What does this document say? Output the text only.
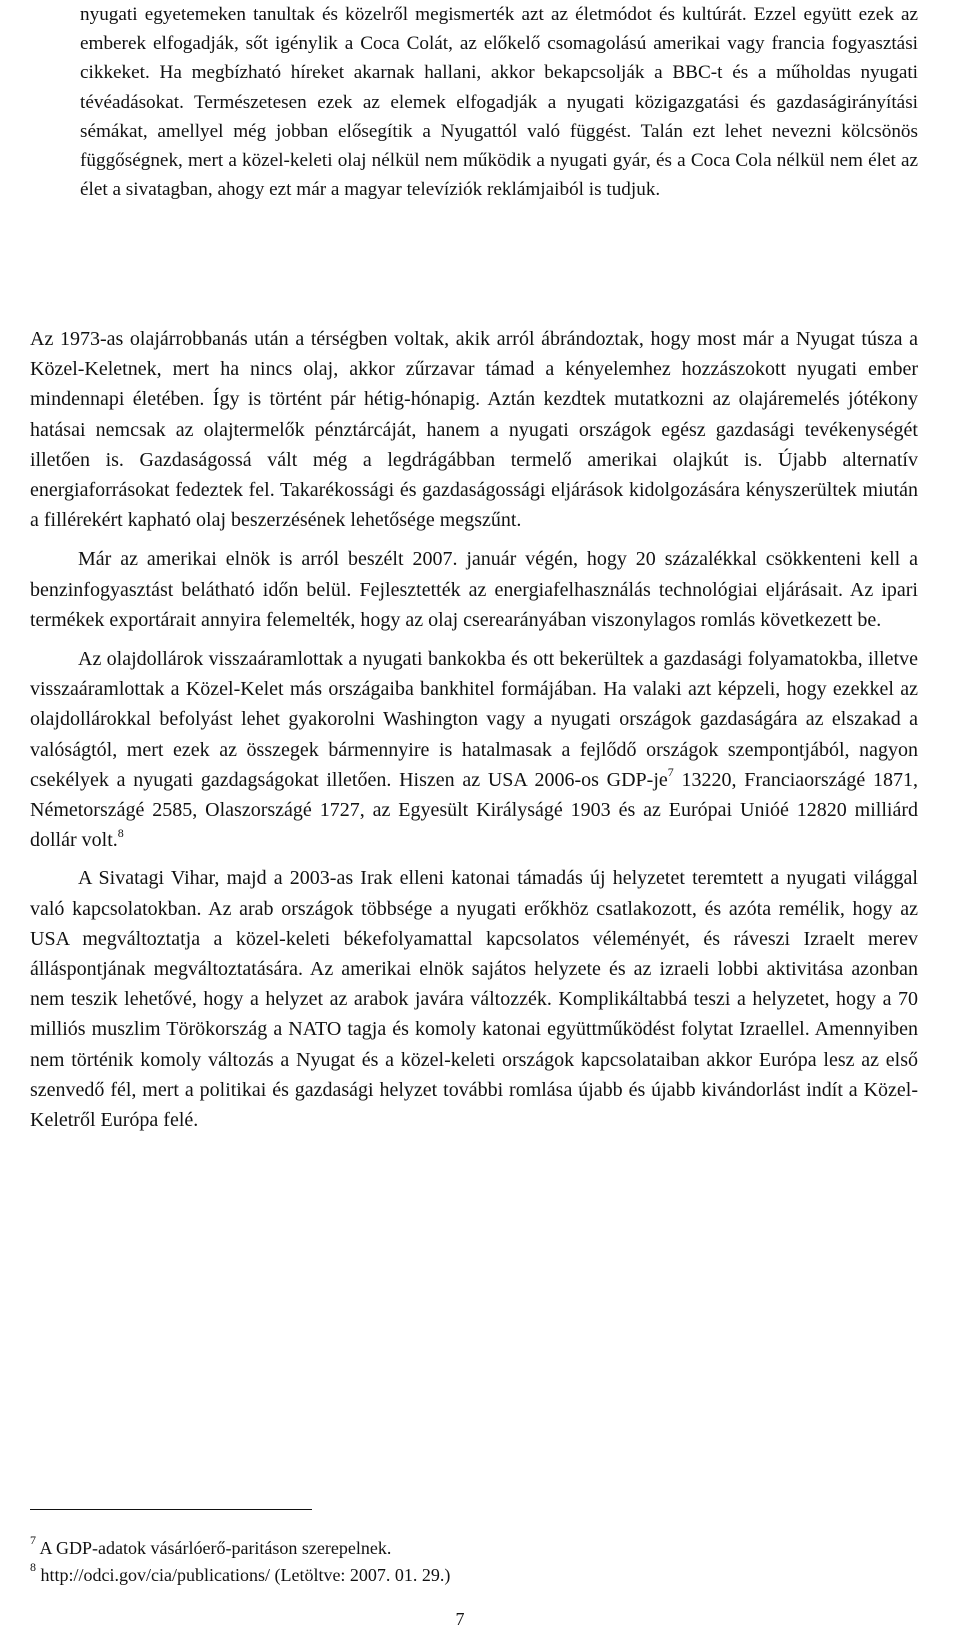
nyugati egyetemeken tanultak és közelről megismerték azt az életmódot és kultúrát. Ezzel együtt ezek az emberek elfogadják, sőt igénylik a Coca Colát, az előkelő csomagolású amerikai vagy francia fogyasztási cikkeket. Ha megbízható híreket akarnak hallani, akkor bekapcsolják a BBC-t és a műholdas nyugati tévéadásokat. Természetesen ezek az elemek elfogadják a nyugati közigazgatási és gazdaságirányítási sémákat, amellyel még jobban elősegítik a Nyugattól való függést. Talán ezt lehet nevezni kölcsönös függőségnek, mert a közel-keleti olaj nélkül nem működik a nyugati gyár, és a Coca Cola nélkül nem élet az élet a sivatagban, ahogy ezt már a magyar televíziók reklámjaiból is tudjuk.

Az 1973-as olajárrobbanás után a térségben voltak, akik arról ábrándoztak, hogy most már a Nyugat túsza a Közel-Keletnek, mert ha nincs olaj, akkor zűrzavar támad a kényelemhez hozzászokott nyugati ember mindennapi életében. Így is történt pár hétig-hónapig. Aztán kezdtek mutatkozni az olajáremelés jótékony hatásai nemcsak az olajtermelők pénztárcáját, hanem a nyugati országok egész gazdasági tevékenységét illetően is. Gazdaságossá vált még a legdrágábban termelő amerikai olajkút is. Újabb alternatív energiaforrásokat fedeztek fel. Takarékossági és gazdaságossági eljárások kidolgozására kényszerültek miután a fillérekért kapható olaj beszerzésének lehetősége megszűnt.

Már az amerikai elnök is arról beszélt 2007. január végén, hogy 20 százalékkal csökkenteni kell a benzinfogyasztást belátható időn belül. Fejlesztették az energiafelhasználás technológiai eljárásait. Az ipari termékek exportárait annyira felemelték, hogy az olaj cserearányában viszonylagos romlás következett be.

Az olajdollárok visszaáramlottak a nyugati bankokba és ott bekerültek a gazdasági folyamatokba, illetve visszaáramlottak a Közel-Kelet más országaiba bankhitel formájában. Ha valaki azt képzeli, hogy ezekkel az olajdollárokkal befolyást lehet gyakorolni Washington vagy a nyugati országok gazdaságára az elszakad a valóságtól, mert ezek az összegek bármennyire is hatalmasak a fejlődő országok szempontjából, nagyon csekélyek a nyugati gazdagságokat illetően. Hiszen az USA 2006-os GDP-$je^7$ 13220, Franciaországé 1871, Németországé 2585, Olaszországé 1727, az Egyesült Királyságé 1903 és az Európai Unióé 12820 milliárd dollár volt.$^8$

A Sivatagi Vihar, majd a 2003-as Irak elleni katonai támadás új helyzetet teremtett a nyugati világgal való kapcsolatokban. Az arab országok többsége a nyugati erőkhöz csatlakozott, és azóta remélik, hogy az USA megváltoztatja a közel-keleti békefolyamattal kapcsolatos véleményét, és ráveszi Izraelt merev álláspontjának megváltoztatására. Az amerikai elnök sajátos helyzete és az izraeli lobbi aktivitása azonban nem teszik lehetővé, hogy a helyzet az arabok javára változzék. Komplikáltabbá teszi a helyzetet, hogy a 70 milliós muszlim Törökország a NATO tagja és komoly katonai együttműködést folytat Izraellel. Amennyiben nem történik komoly változás a Nyugat és a közel-keleti országok kapcsolataiban akkor Európa lesz az első szenvedő fél, mert a politikai és gazdasági helyzet további romlása újabb és újabb kivándorlást indít a Közel-Keletről Európa felé.

$^7$ A GDP-adatok vásárlóerő-paritáson szerepelnek.
$^8$ http://odci.gov/cia/publications/ (Letöltve: 2007. 01. 29.)
7
